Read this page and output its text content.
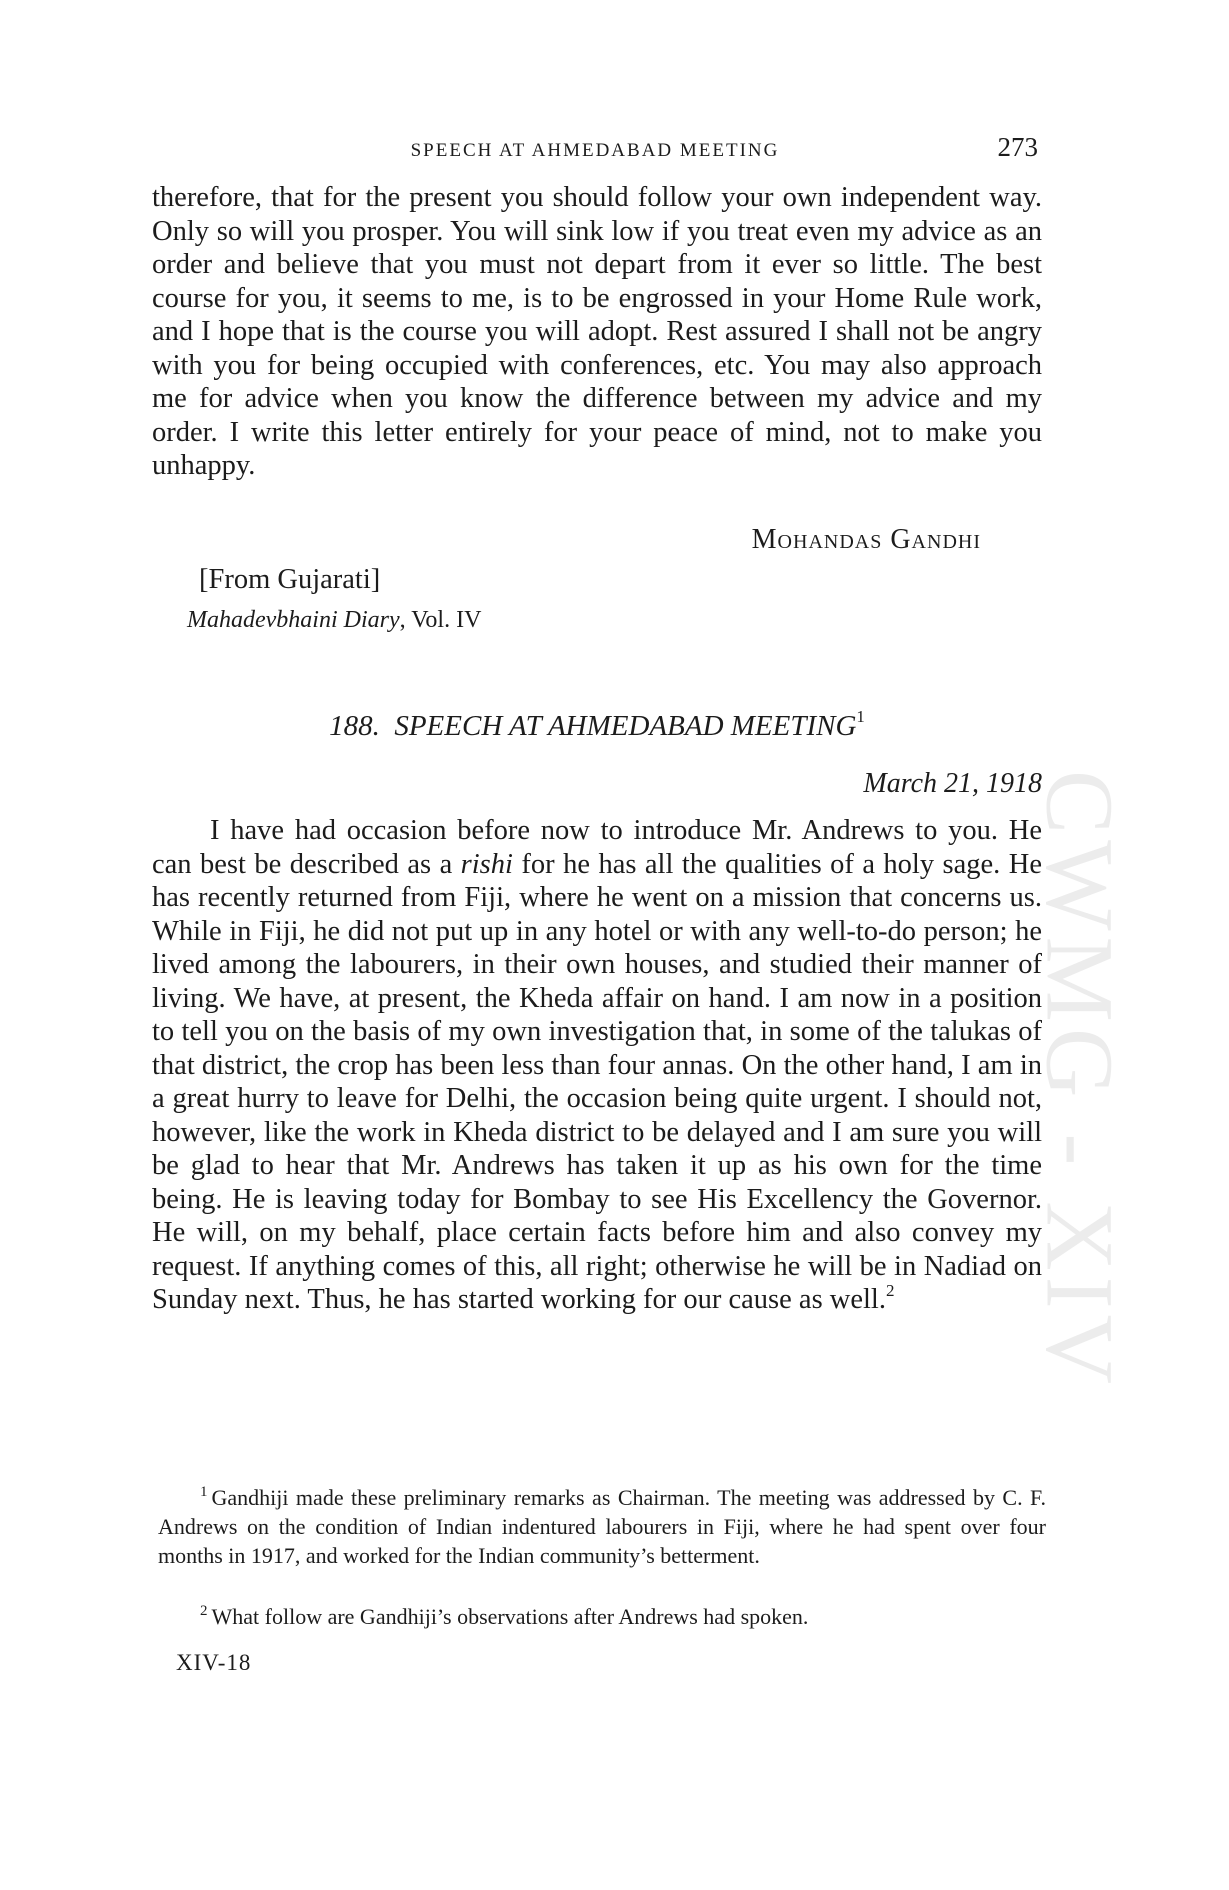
CWMG - XIV
SPEECH AT AHMEDABAD MEETING	273

therefore, that for the present you should follow your own independent way. Only so will you prosper. You will sink low if you treat even my advice as an order and believe that you must not depart from it ever so little. The best course for you, it seems to me, is to be engrossed in your Home Rule work, and I hope that is the course you will adopt. Rest assured I shall not be angry with you for being occupied with conferences, etc. You may also approach me for advice when you know the difference between my advice and my order. I write this letter entirely for your peace of mind, not to make you unhappy.

Mohandas Gandhi
[From Gujarati]
Mahadevbhaini Diary, Vol. IV
188. SPEECH AT AHMEDABAD MEETING$^1$
March 21, 1918

I have had occasion before now to introduce Mr. Andrews to you. He can best be described as a rishi for he has all the qualities of a holy sage. He has recently returned from Fiji, where he went on a mission that concerns us. While in Fiji, he did not put up in any hotel or with any well-to-do person; he lived among the labourers, in their own houses, and studied their manner of living. We have, at present, the Kheda affair on hand. I am now in a position to tell you on the basis of my own investigation that, in some of the talukas of that district, the crop has been less than four annas. On the other hand, I am in a great hurry to leave for Delhi, the occasion being quite urgent. I should not, however, like the work in Kheda district to be delayed and I am sure you will be glad to hear that Mr. Andrews has taken it up as his own for the time being. He is leaving today for Bombay to see His Excellency the Governor. He will, on my behalf, place certain facts before him and also convey my request. If anything comes of this, all right; otherwise he will be in Nadiad on Sunday next. Thus, he has started working for our cause as well.$^2$

$^1$ Gandhiji made these preliminary remarks as Chairman. The meeting was addressed by C. F. Andrews on the condition of Indian indentured labourers in Fiji, where he had spent over four months in 1917, and worked for the Indian community’s betterment.

$^2$ What follow are Gandhiji’s observations after Andrews had spoken.

XIV-18
